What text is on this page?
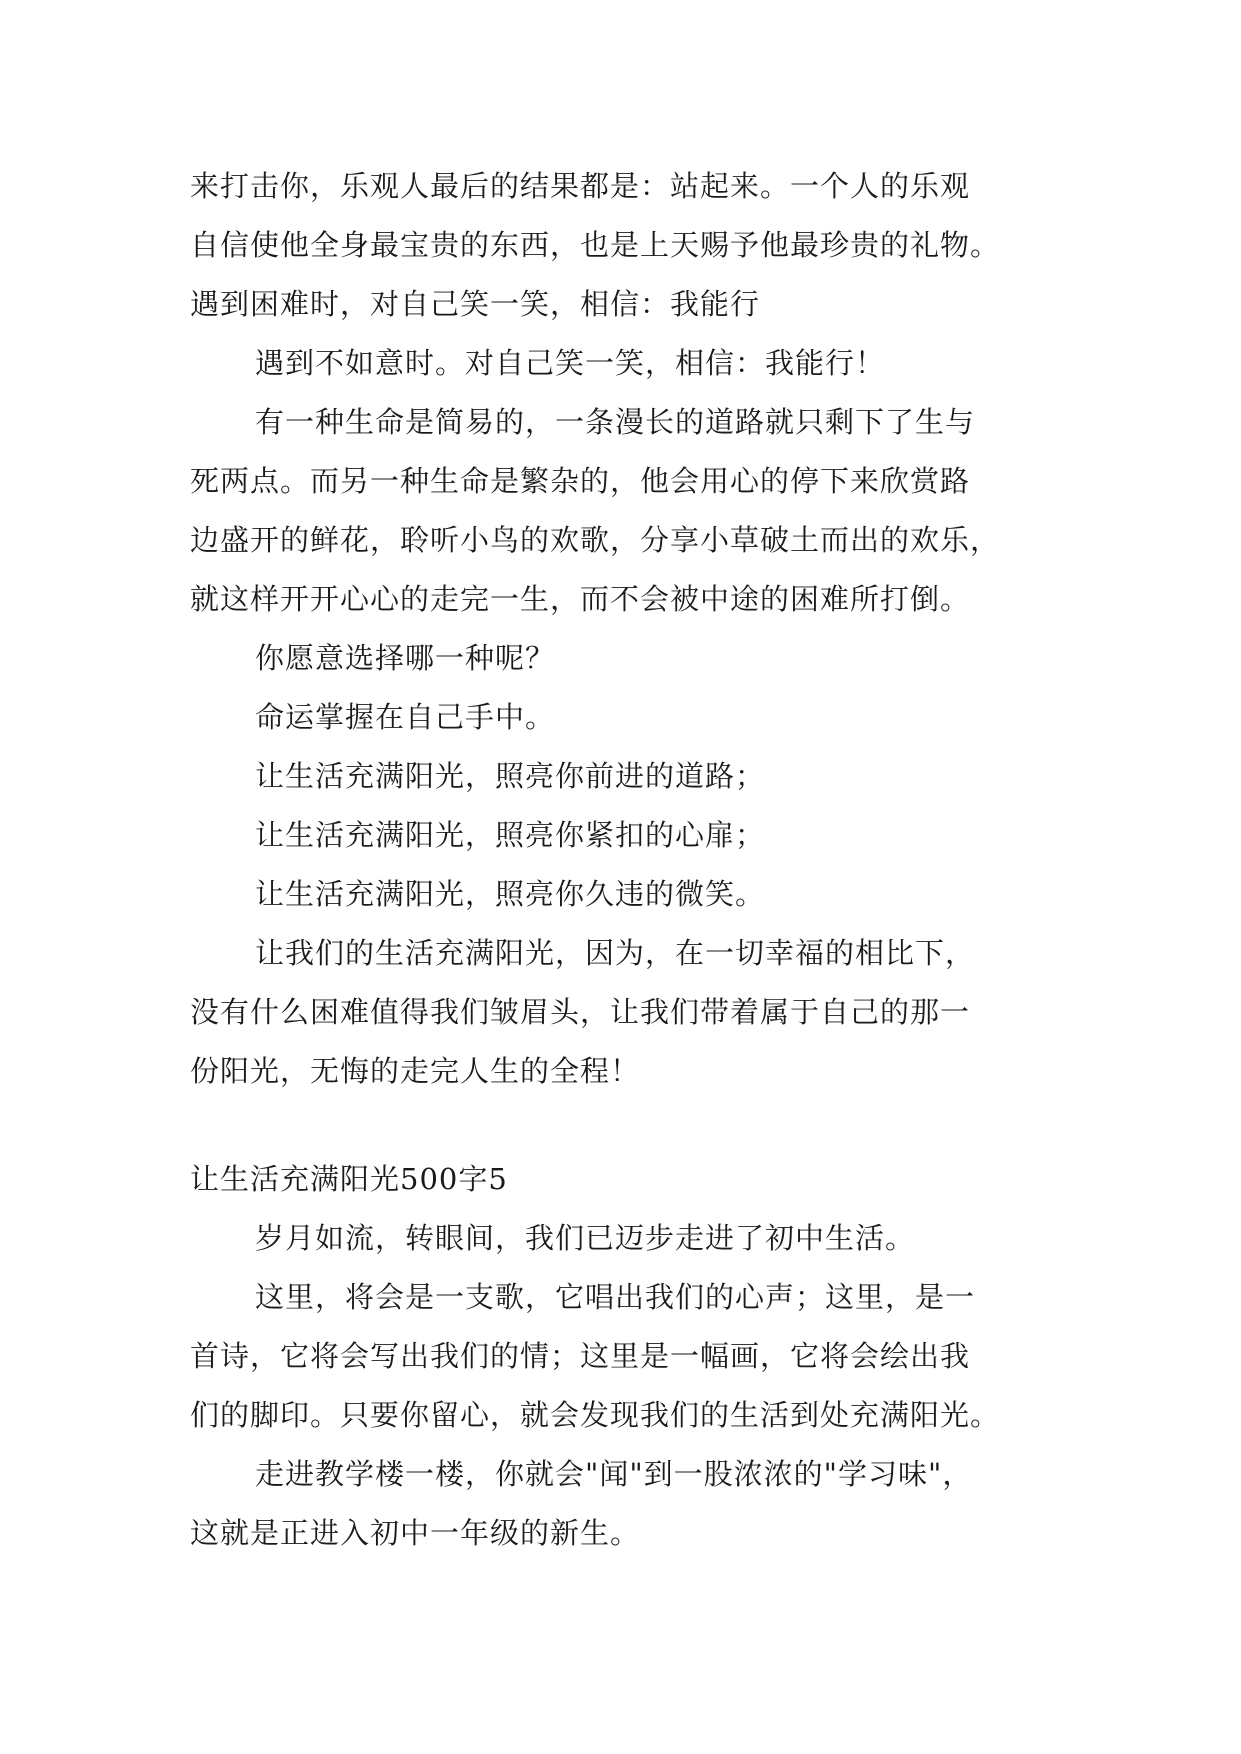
来打击你，乐观人最后的结果都是：站起来。一个人的乐观
自信使他全身最宝贵的东西，也是上天赐予他最珍贵的礼物。
遇到困难时，对自己笑一笑，相信：我能行
遇到不如意时。对自己笑一笑，相信：我能行！
有一种生命是简易的，一条漫长的道路就只剩下了生与
死两点。而另一种生命是繁杂的，他会用心的停下来欣赏路
边盛开的鲜花，聆听小鸟的欢歌，分享小草破土而出的欢乐，
就这样开开心心的走完一生，而不会被中途的困难所打倒。
你愿意选择哪一种呢？
命运掌握在自己手中。
让生活充满阳光，照亮你前进的道路；
让生活充满阳光，照亮你紧扣的心扉；
让生活充满阳光，照亮你久违的微笑。
让我们的生活充满阳光，因为，在一切幸福的相比下，
没有什么困难值得我们皱眉头，让我们带着属于自己的那一
份阳光，无悔的走完人生的全程！
让生活充满阳光500字5
岁月如流，转眼间，我们已迈步走进了初中生活。
这里，将会是一支歌，它唱出我们的心声；这里，是一
首诗，它将会写出我们的情；这里是一幅画，它将会绘出我
们的脚印。只要你留心，就会发现我们的生活到处充满阳光。
走进教学楼一楼，你就会"闻"到一股浓浓的"学习味"，
这就是正进入初中一年级的新生。
